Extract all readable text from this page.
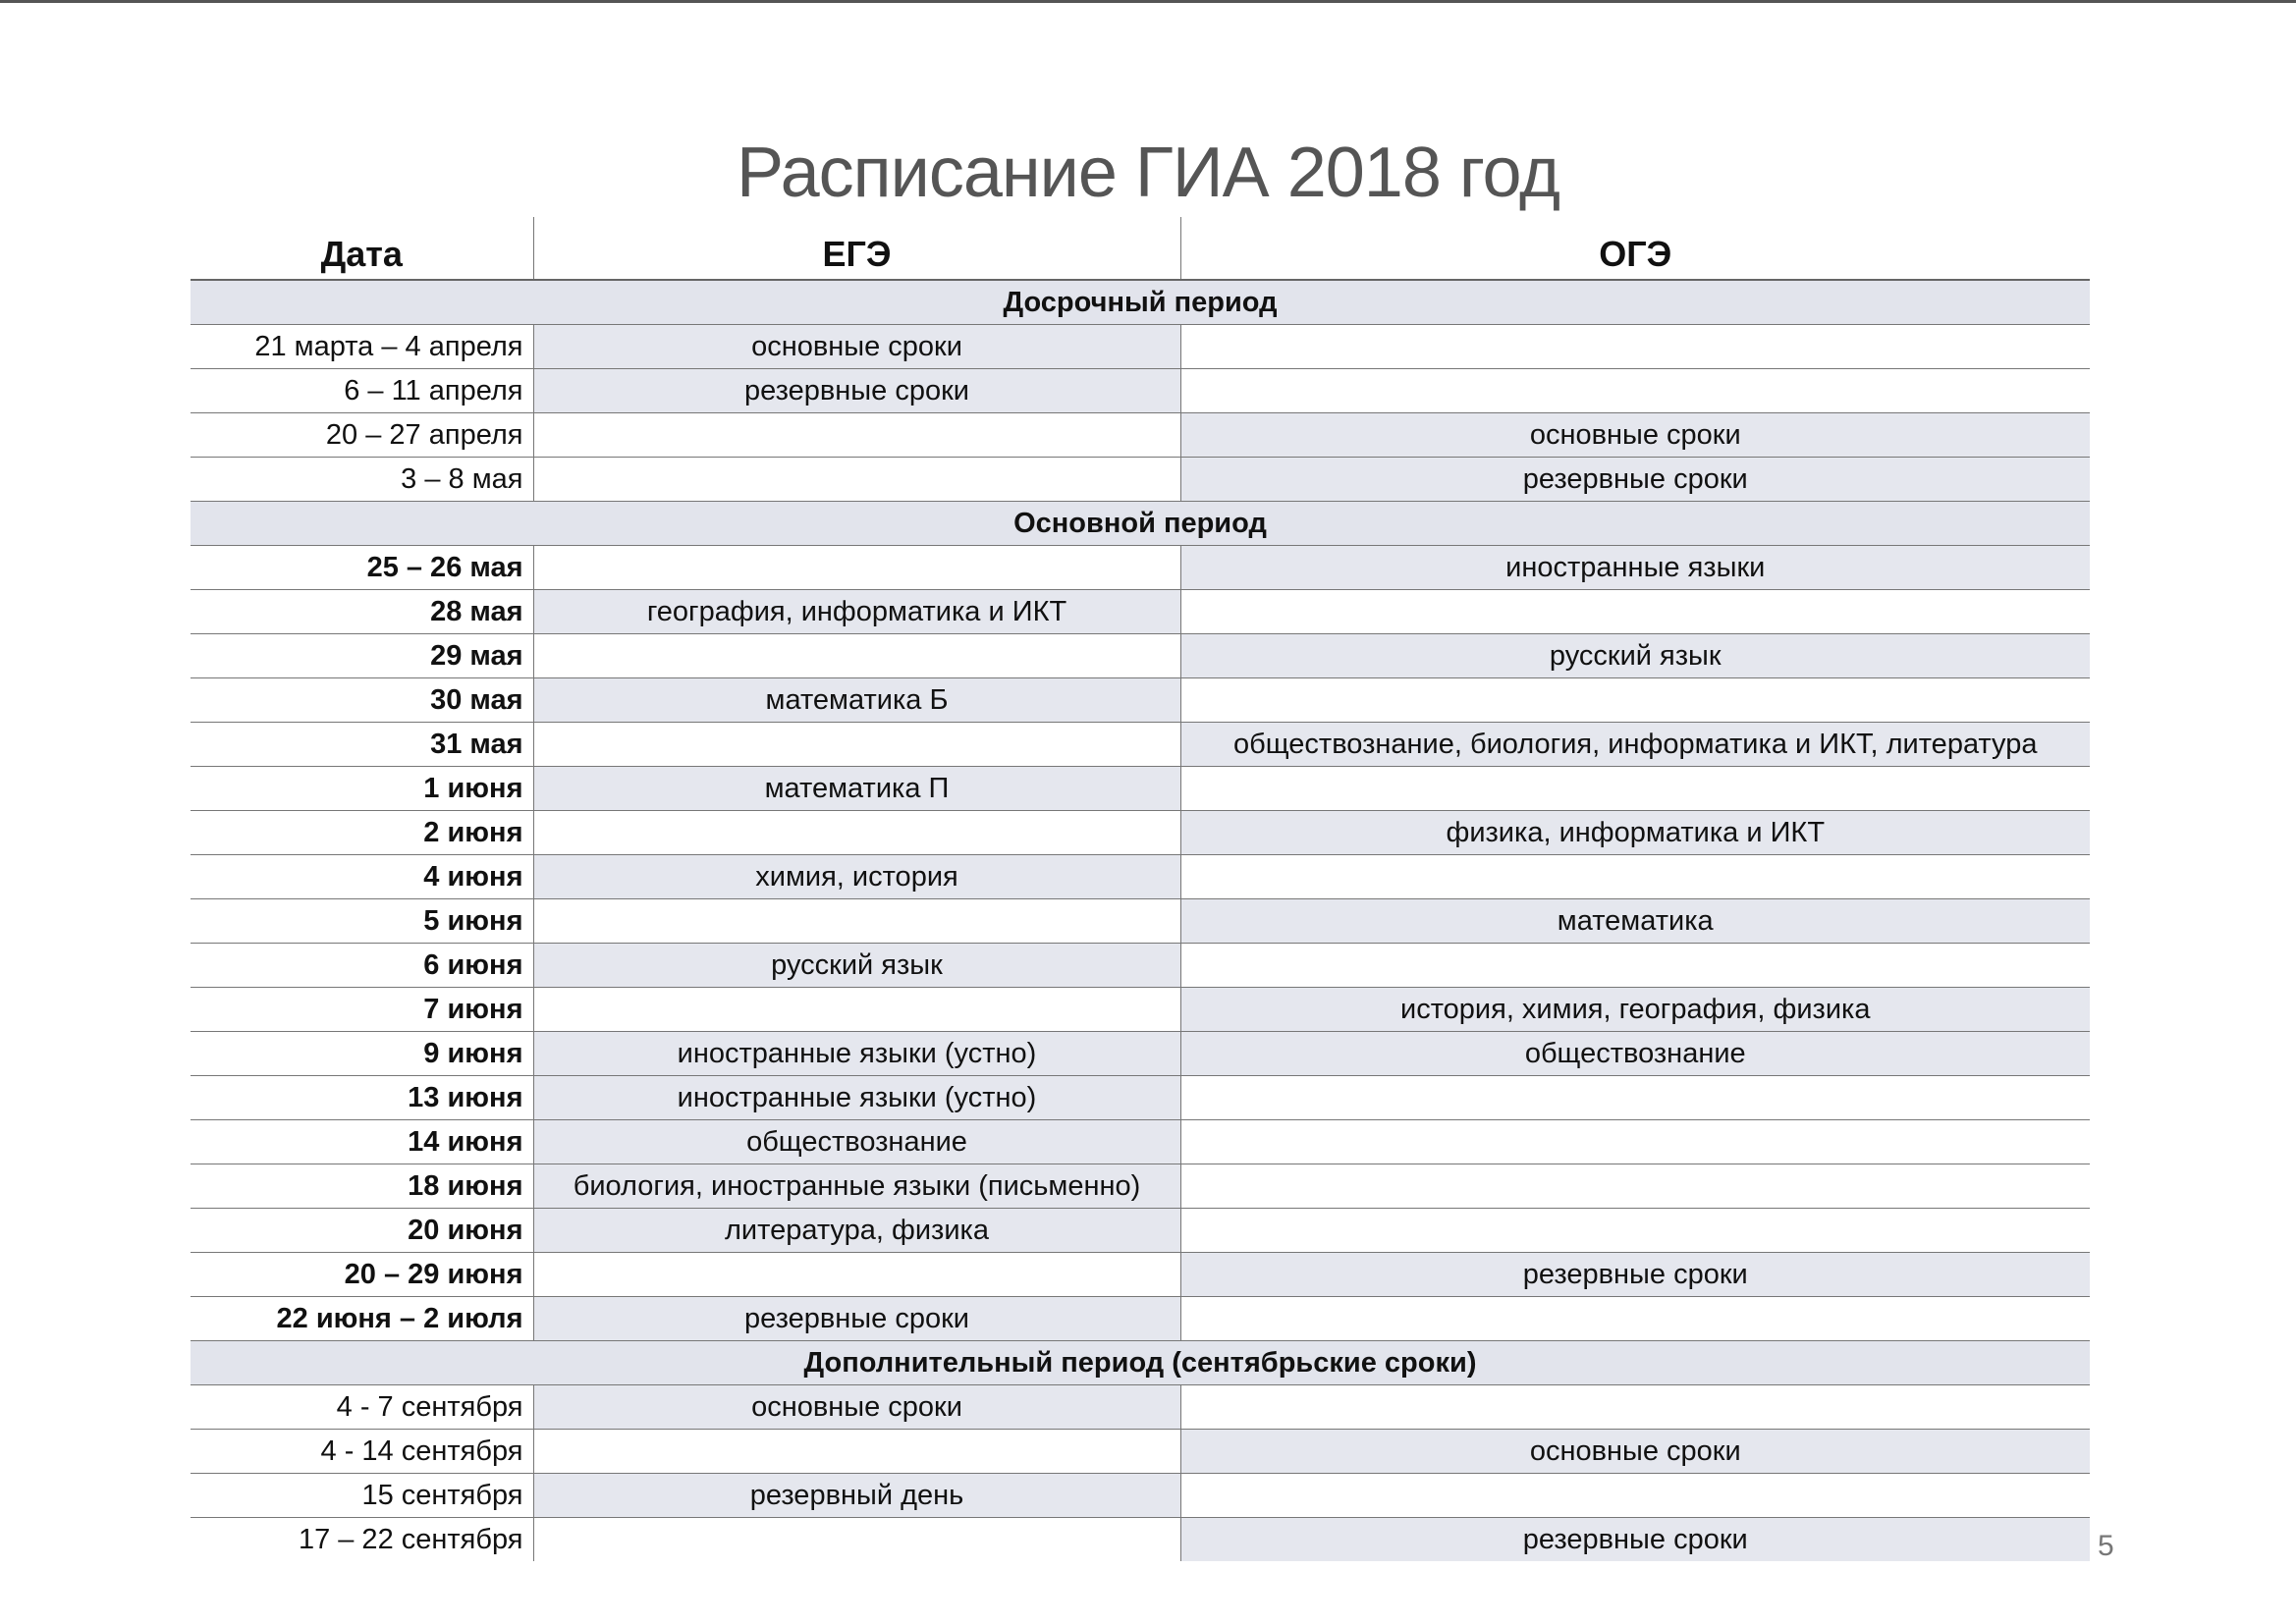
Расписание ГИА 2018 год
Дата	ЕГЭ	ОГЭ
Досрочный период		
21 марта – 4 апреля	основные сроки	
6 – 11 апреля	резервные сроки	
20 – 27 апреля		основные сроки
3 – 8 мая		резервные сроки
Основной период		
25 – 26 мая		иностранные языки
28 мая	география, информатика и ИКТ	
29 мая		русский язык
30 мая	математика Б	
31 мая		обществознание, биология, информатика и ИКТ, литература
1 июня	математика П	
2 июня		физика, информатика и ИКТ
4 июня	химия, история	
5 июня		математика
6 июня	русский язык	
7 июня		история, химия, география, физика
9 июня	иностранные языки (устно)	обществознание
13 июня	иностранные языки (устно)	
14 июня	обществознание	
18 июня	биология, иностранные языки (письменно)	
20 июня	литература, физика	
20 – 29 июня		резервные сроки
22 июня – 2 июля	резервные сроки	
Дополнительный период (сентябрьские сроки)		
4 - 7 сентября	основные сроки	
4 - 14 сентября		основные сроки
15 сентября	резервный день	
17 – 22 сентября		резервные сроки	5
